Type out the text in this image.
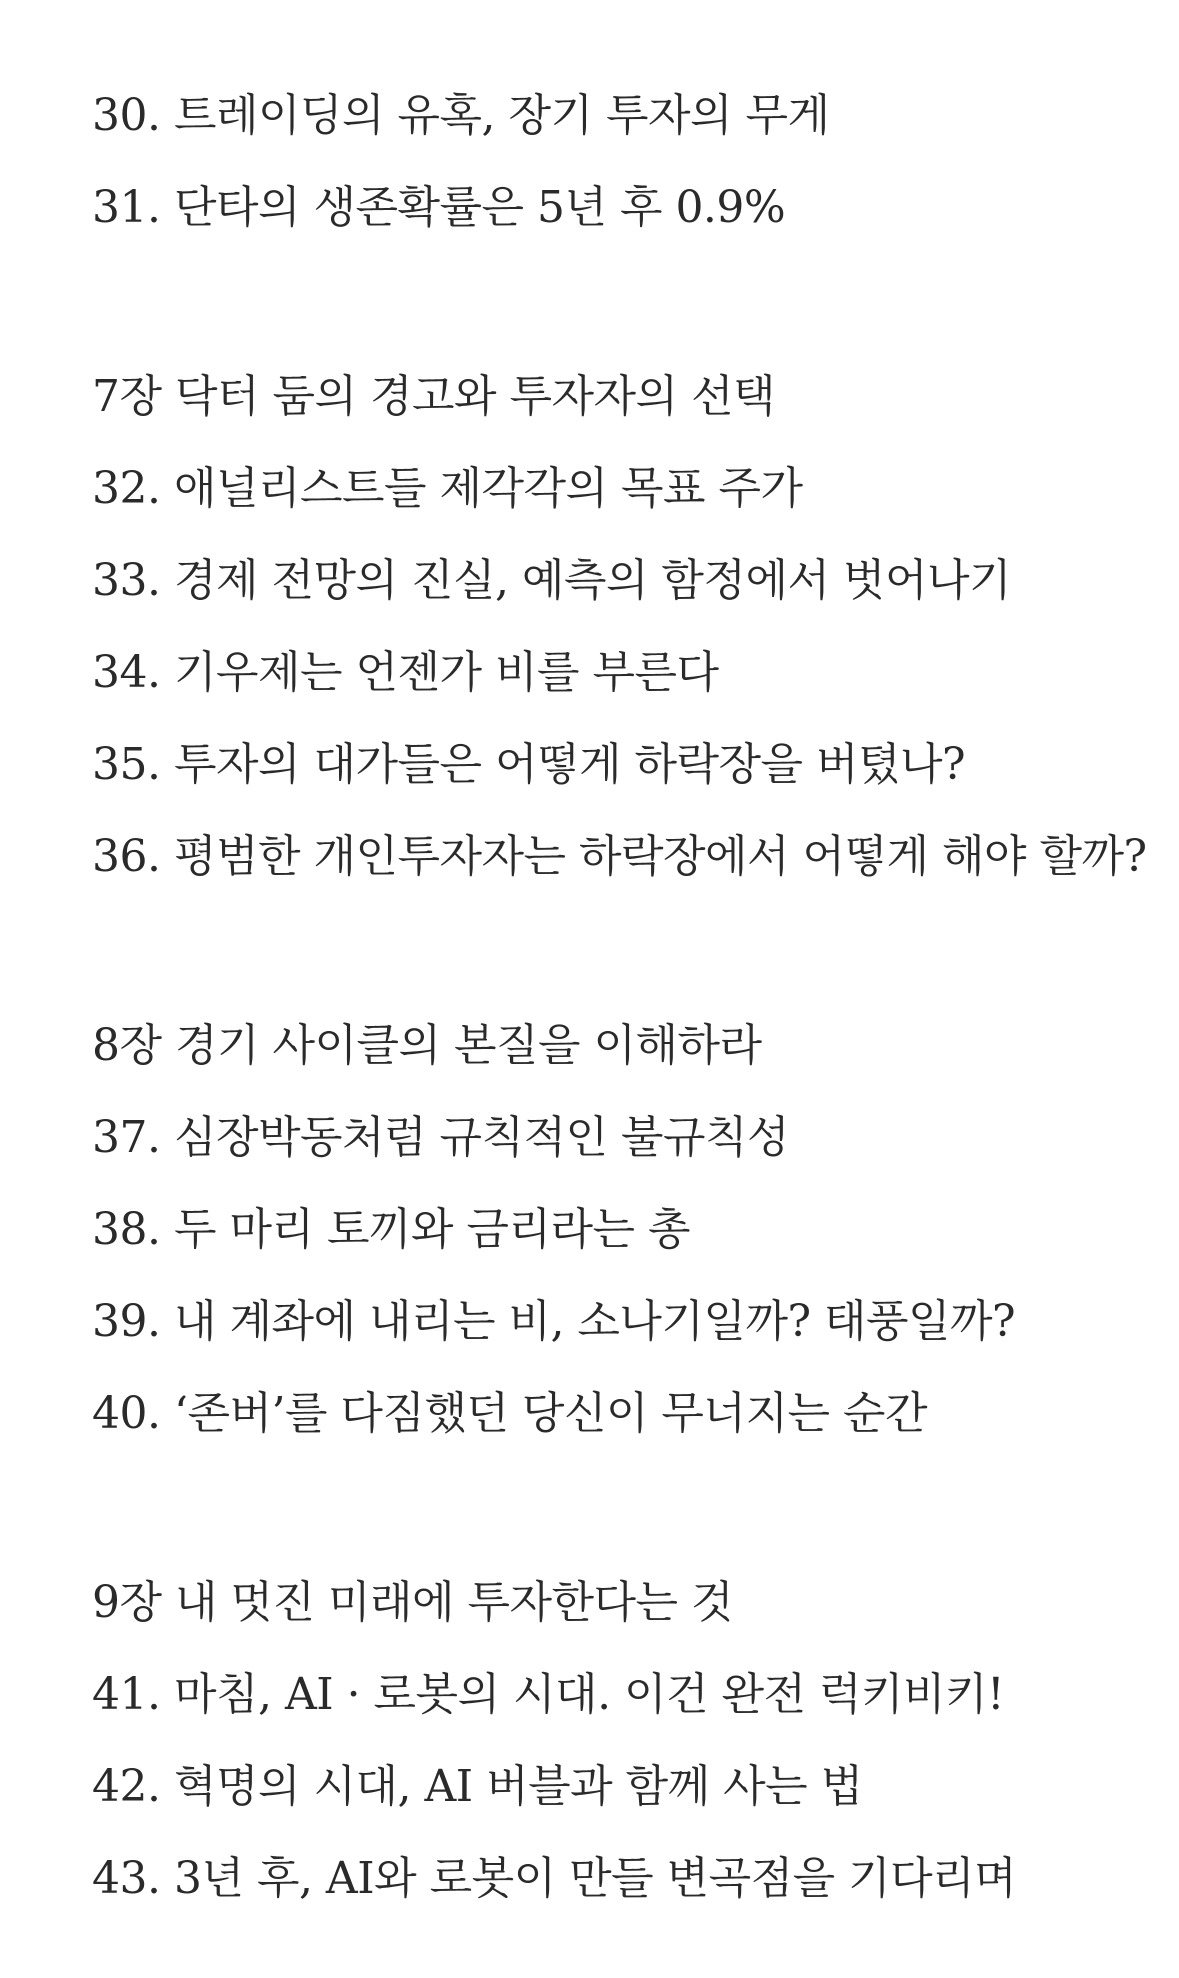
30. 트레이딩의 유혹, 장기 투자의 무게
31. 단타의 생존확률은 5년 후 0.9%
7장 닥터 둠의 경고와 투자자의 선택
32. 애널리스트들 제각각의 목표 주가
33. 경제 전망의 진실, 예측의 함정에서 벗어나기
34. 기우제는 언젠가 비를 부른다
35. 투자의 대가들은 어떻게 하락장을 버텼나?
36. 평범한 개인투자자는 하락장에서 어떻게 해야 할까?
8장 경기 사이클의 본질을 이해하라
37. 심장박동처럼 규칙적인 불규칙성
38. 두 마리 토끼와 금리라는 총
39. 내 계좌에 내리는 비, 소나기일까? 태풍일까?
40. ‘존버’를 다짐했던 당신이 무너지는 순간
9장 내 멋진 미래에 투자한다는 것
41. 마침, AI · 로봇의 시대. 이건 완전 럭키비키!
42. 혁명의 시대, AI 버블과 함께 사는 법
43. 3년 후, AI와 로봇이 만들 변곡점을 기다리며
